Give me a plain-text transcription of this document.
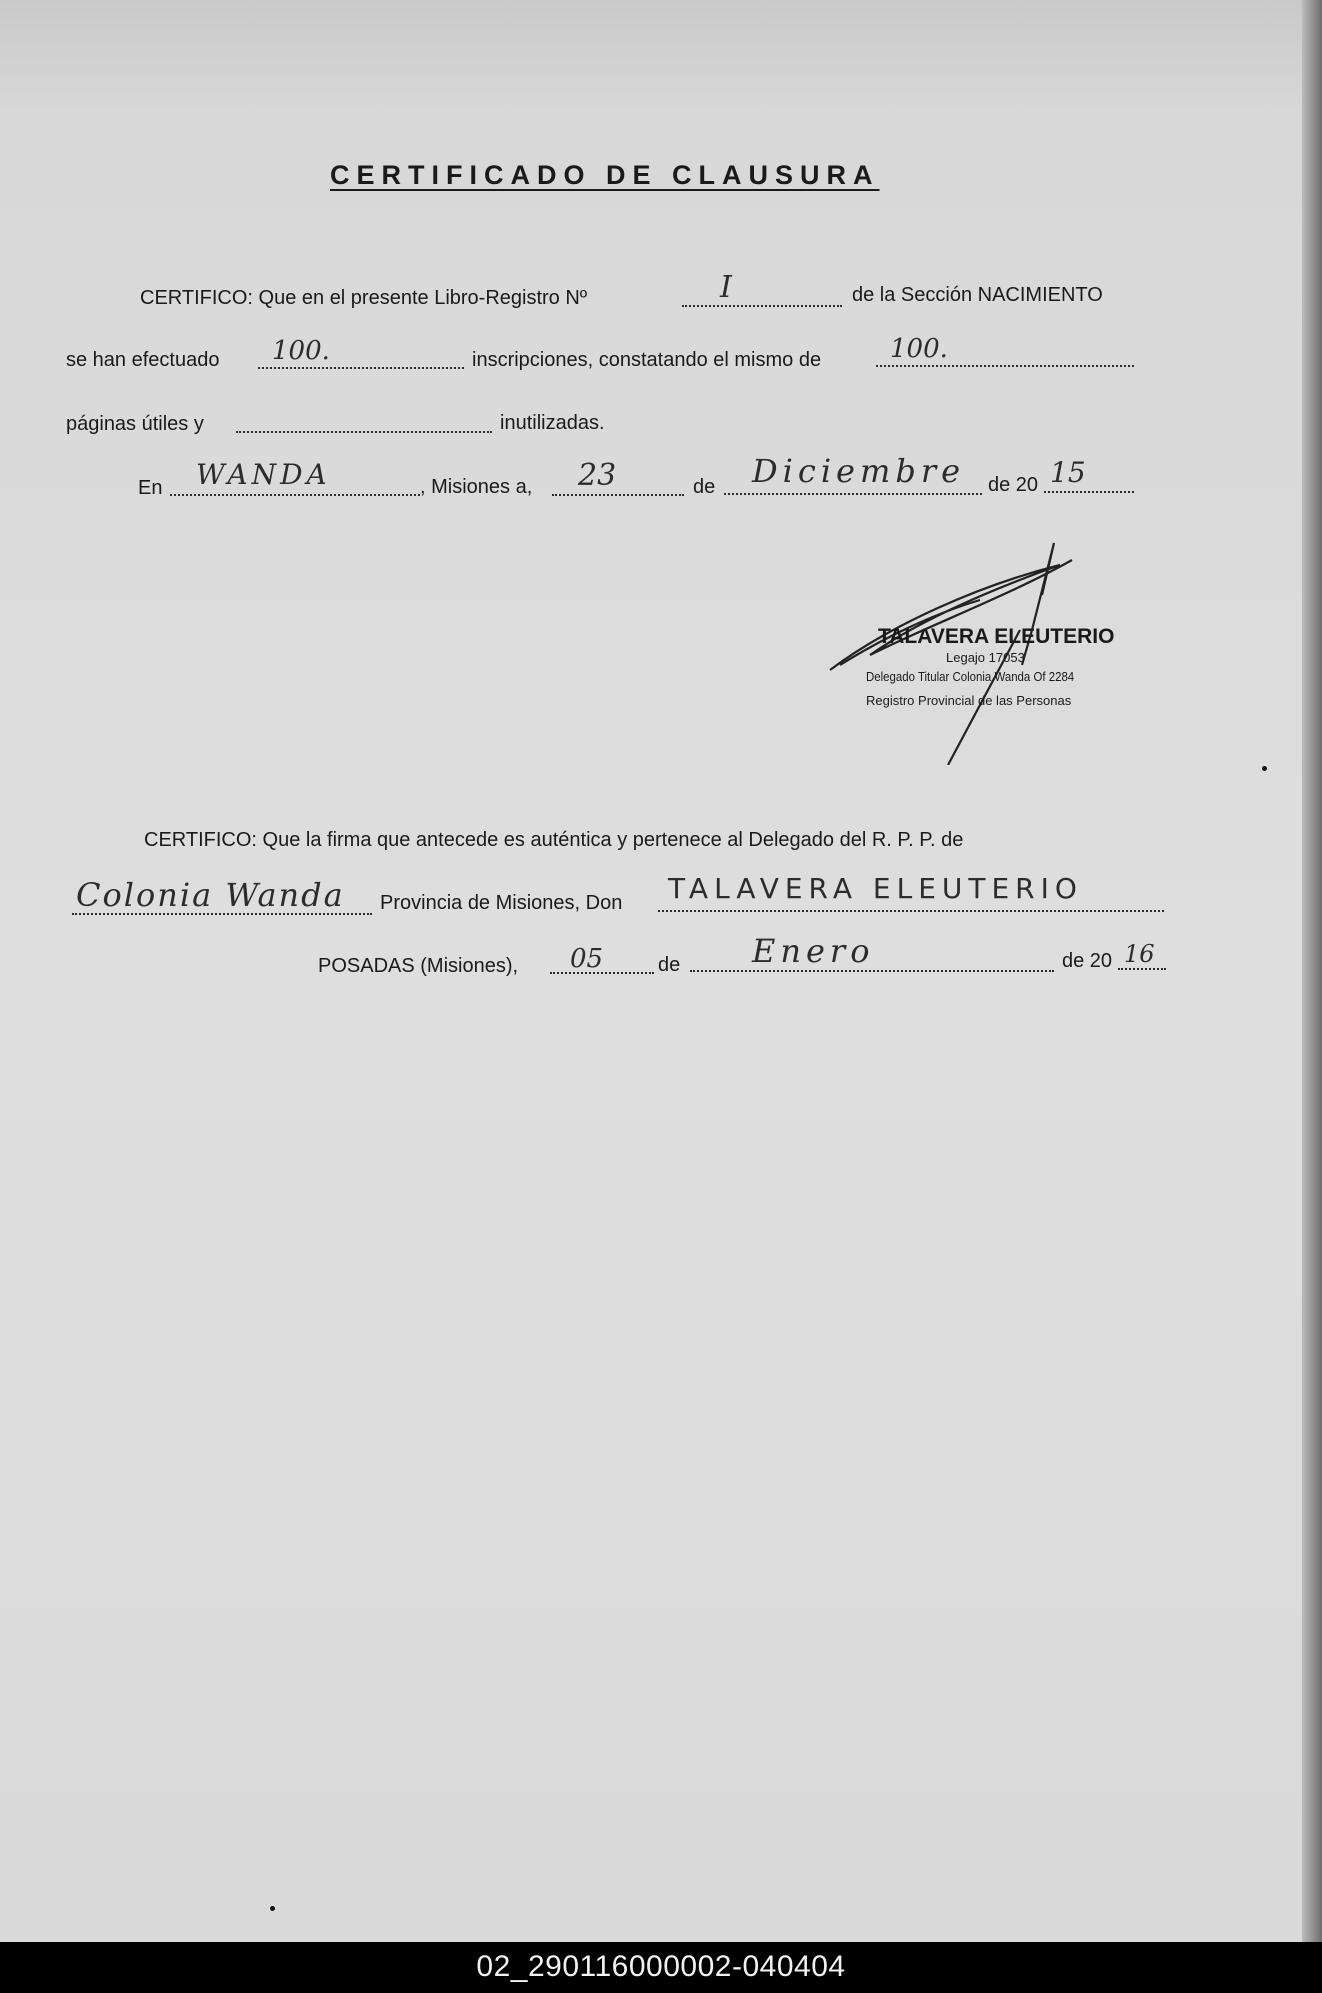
CERTIFICADO DE CLAUSURA
CERTIFICO: Que en el presente Libro-Registro Nº	I	de la Sección NACIMIENTO
se han efectuado 100.	inscripciones, constatando el mismo de	100.
páginas útiles y	inutilizadas.
En WANDA	, Misiones a, 23	de Diciembre de 20 15
TALAVERA ELEUTERIO
Legajo 17053
Delegado Titular Colonia Wanda Of 2284
Registro Provincial de las Personas
CERTIFICO: Que la firma que antecede es auténtica y pertenece al Delegado del R. P. P. de
Colonia Wanda Provincia de Misiones, Don TALAVERA ELEUTERIO
POSADAS (Misiones), 05	de Enero	de 20 16
02_290116000002-040404
